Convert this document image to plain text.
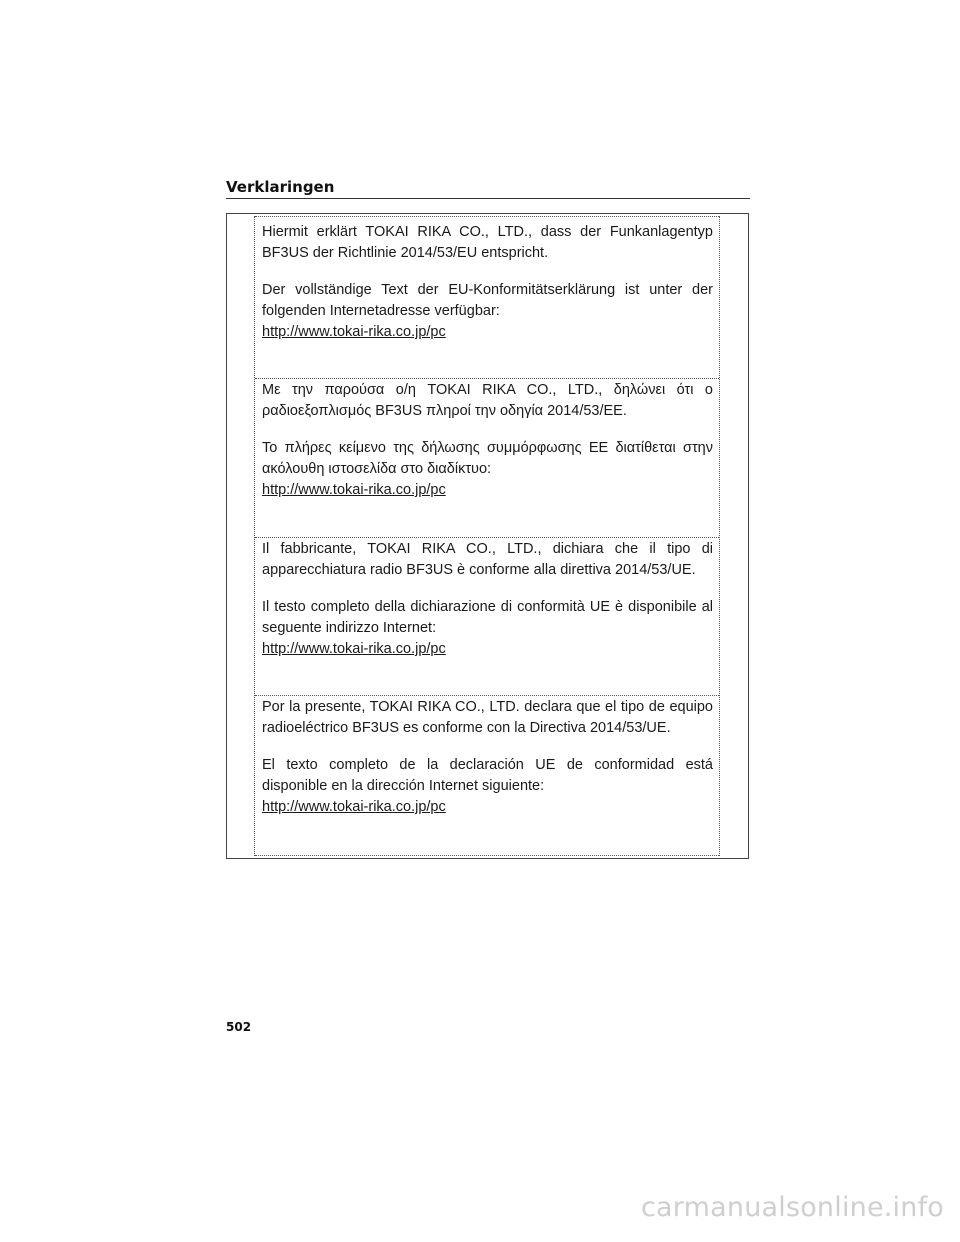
Verklaringen

Hiermit erklärt TOKAI RIKA CO., LTD., dass der Funkanlagentyp BF3US der Richtlinie 2014/53/EU entspricht.

Der vollständige Text der EU-Konformitätserklärung ist unter der folgenden Internetadresse verfügbar:

http://www.tokai-rika.co.jp/pc

Με την παρούσα ο/η TOKAI RIKA CO., LTD., δηλώνει ότι ο ραδιοεξοπλισμός BF3US πληροί την οδηγία 2014/53/ΕΕ.

Το πλήρες κείμενο της δήλωσης συμμόρφωσης ΕΕ διατίθεται στην ακόλουθη ιστοσελίδα στο διαδίκτυο:

http://www.tokai-rika.co.jp/pc

Il fabbricante, TOKAI RIKA CO., LTD., dichiara che il tipo di apparecchiatura radio BF3US è conforme alla direttiva 2014/53/UE.

Il testo completo della dichiarazione di conformità UE è disponibile al seguente indirizzo Internet:

http://www.tokai-rika.co.jp/pc

Por la presente, TOKAI RIKA CO., LTD. declara que el tipo de equipo radioeléctrico BF3US es conforme con la Directiva 2014/53/UE.

El texto completo de la declaración UE de conformidad está disponible en la dirección Internet siguiente:

http://www.tokai-rika.co.jp/pc
502
carmanualsonline.info
